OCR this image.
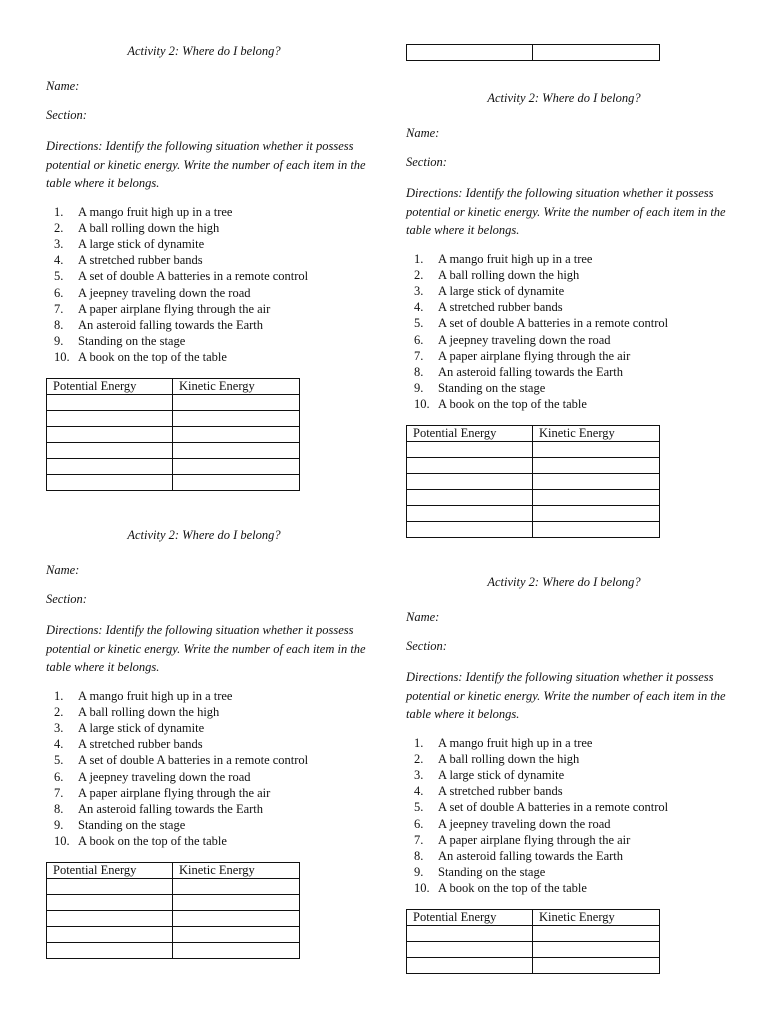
Activity 2: Where do I belong?
Name:
Section:
Directions: Identify the following situation whether it possess potential or kinetic energy. Write the number of each item in the table where it belongs.
1.	A mango fruit high up in a tree
2.	A ball rolling down the high
3.	A large stick of dynamite
4.	A stretched rubber bands
5.	A set of double A batteries in a remote control
6.	A jeepney traveling down the road
7.	A paper airplane flying through the air
8.	An asteroid falling towards the Earth
9.	Standing on the stage
10. A book on the top of the table
Potential Energy	Kinetic Energy

Activity 2: Where do I belong?
Name:
Section:
Directions: Identify the following situation whether it possess potential or kinetic energy. Write the number of each item in the table where it belongs.
1.	A mango fruit high up in a tree
2.	A ball rolling down the high
3.	A large stick of dynamite
4.	A stretched rubber bands
5.	A set of double A batteries in a remote control
6.	A jeepney traveling down the road
7.	A paper airplane flying through the air
8.	An asteroid falling towards the Earth
9.	Standing on the stage
10. A book on the top of the table
Potential Energy	Kinetic Energy

Activity 2: Where do I belong?
Name:
Section:
Directions: Identify the following situation whether it possess potential or kinetic energy. Write the number of each item in the table where it belongs.
1.	A mango fruit high up in a tree
2.	A ball rolling down the high
3.	A large stick of dynamite
4.	A stretched rubber bands
5.	A set of double A batteries in a remote control
6.	A jeepney traveling down the road
7.	A paper airplane flying through the air
8.	An asteroid falling towards the Earth
9.	Standing on the stage
10. A book on the top of the table
Potential Energy	Kinetic Energy

Activity 2: Where do I belong?
Name:
Section:
Directions: Identify the following situation whether it possess potential or kinetic energy. Write the number of each item in the table where it belongs.
1.	A mango fruit high up in a tree
2.	A ball rolling down the high
3.	A large stick of dynamite
4.	A stretched rubber bands
5.	A set of double A batteries in a remote control
6.	A jeepney traveling down the road
7.	A paper airplane flying through the air
8.	An asteroid falling towards the Earth
9.	Standing on the stage
10. A book on the top of the table
Potential Energy	Kinetic Energy
